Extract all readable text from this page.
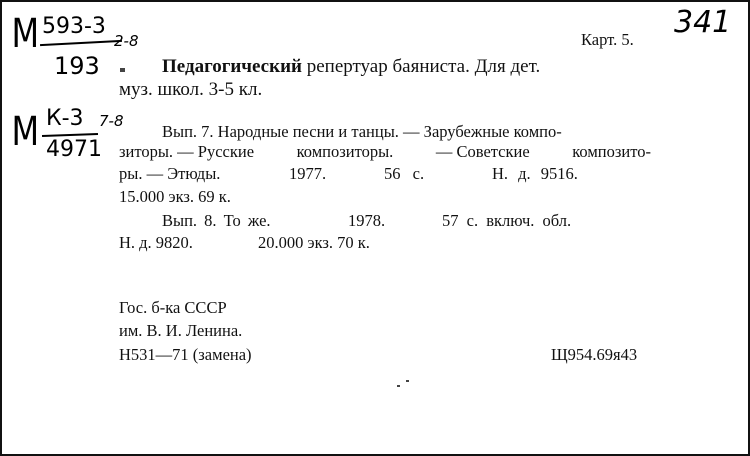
М 593-3
193
2-8
341
Карт. 5.
Педагогический репертуар баяниста. Для дет.
муз. школ. 3-5 кл.
М К-3
4971
7-8
Вып. 7. Народные песни и танцы. — Зарубежные компо-
зиторы. — Русские	композиторы.	— Советские	композито-
ры. — Этюды.	1977.	56 с.	Н. д. 9516.
15.000 экз. 69 к.
Вып. 8. То же.	1978.	57 с. включ. обл.
Н. д. 9820.	20.000 экз. 70 к.
Гос. б-ка СССР
им. В. И. Ленина.
Н531—71 (замена)	Щ954.69я43
